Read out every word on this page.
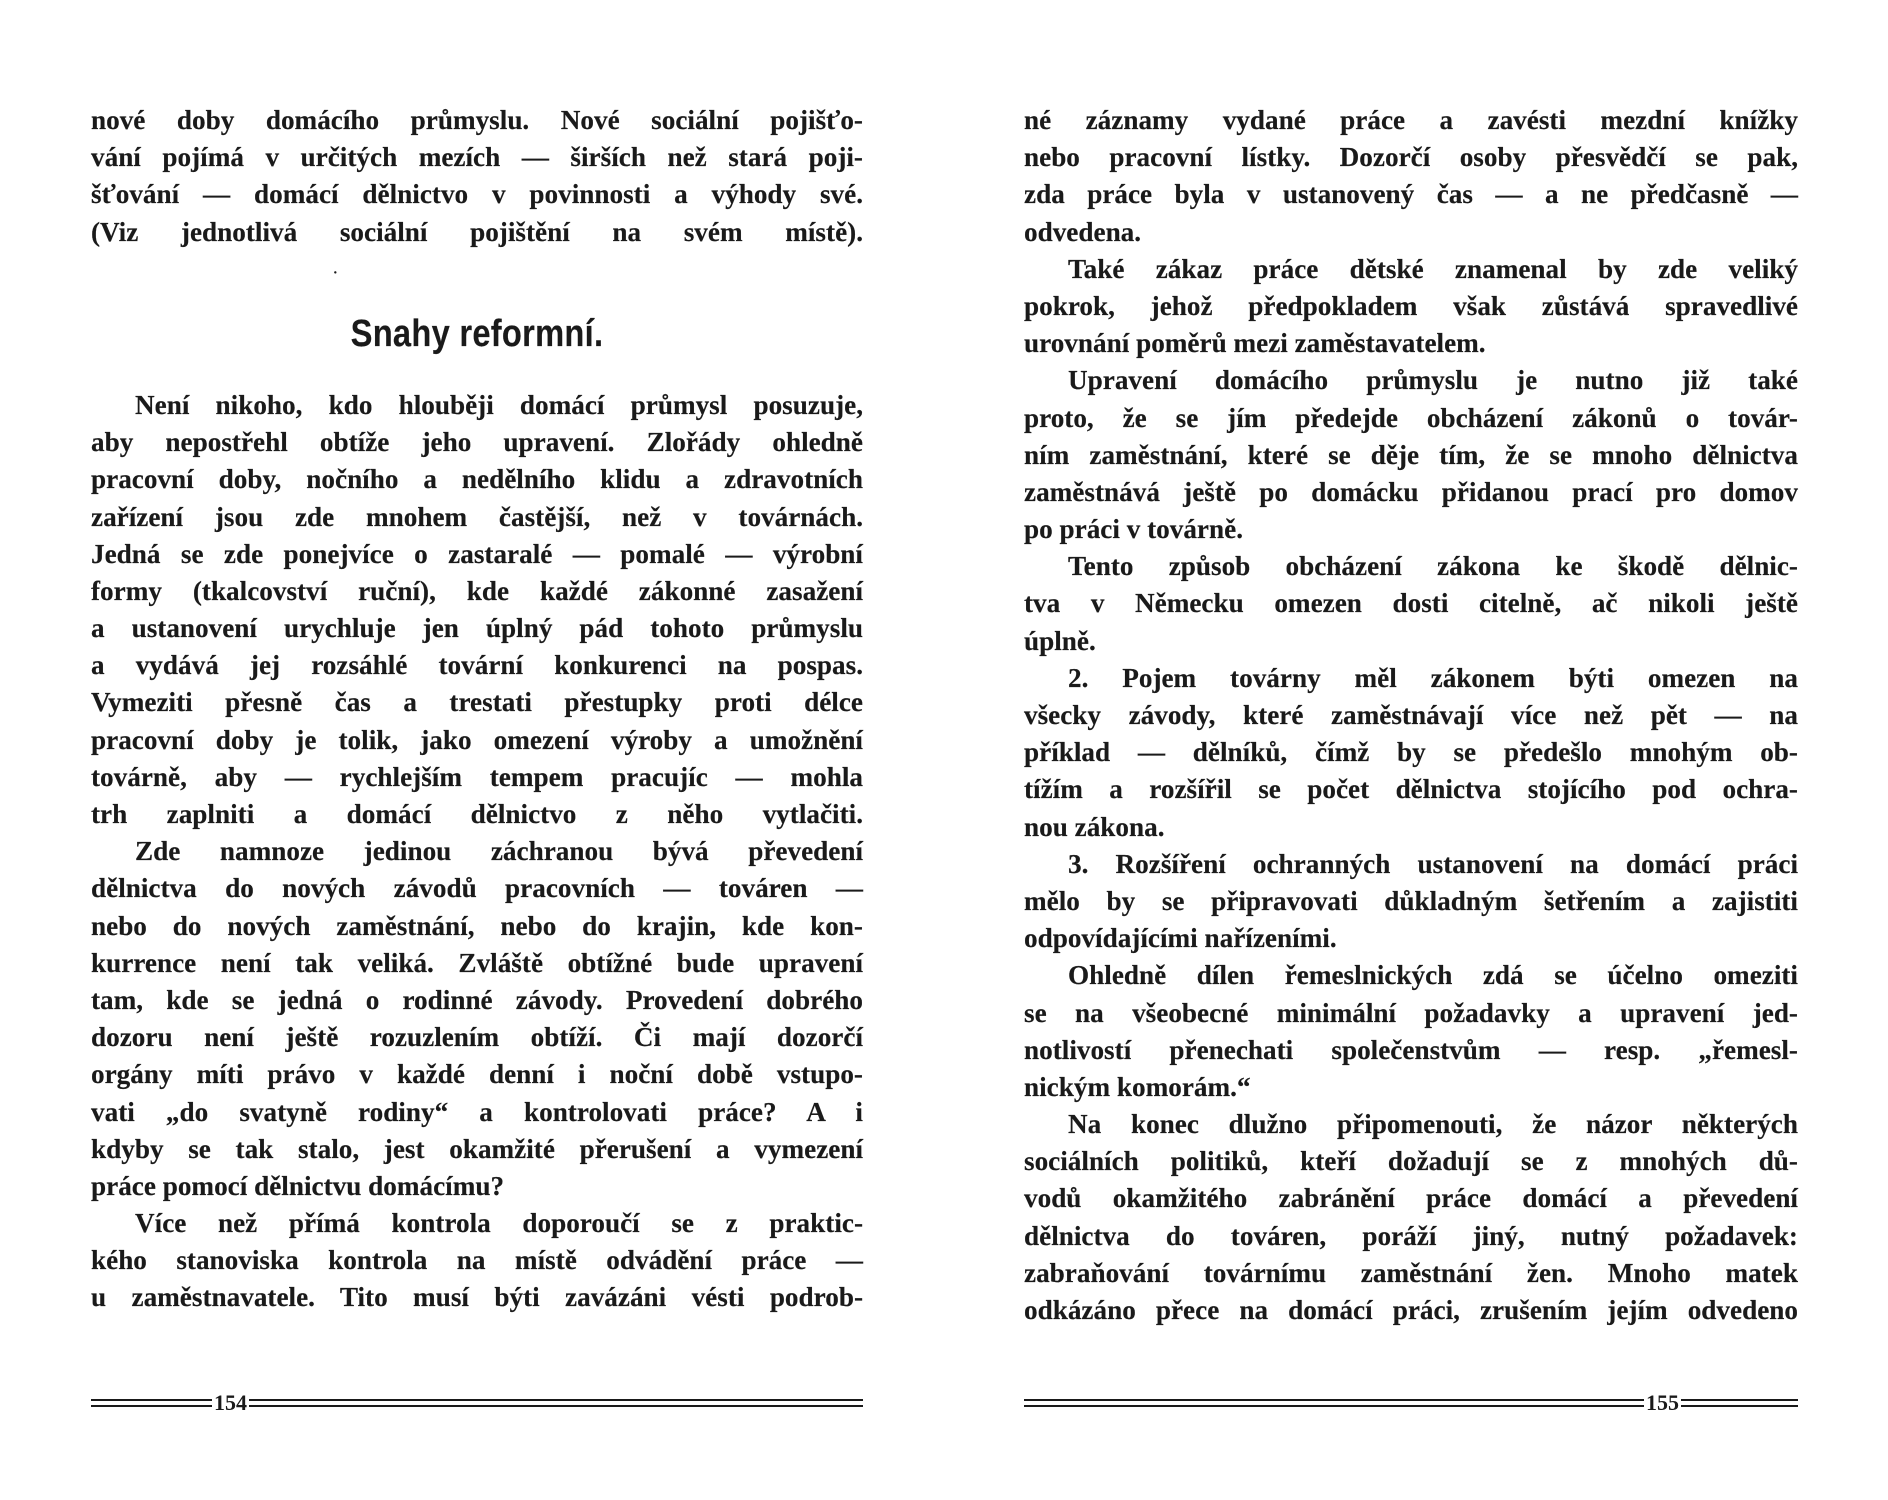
nové doby domácího průmyslu. Nové sociální pojišťo-
vání pojímá v určitých mezích — širších než stará poji-
šťování — domácí dělnictvo v povinnosti a výhody své.
(Viz jednotlivá sociální pojištění na svém místě).
·
Snahy reformní.
Není nikoho, kdo hlouběji domácí průmysl posuzuje,
aby nepostřehl obtíže jeho upravení. Zlořády ohledně
pracovní doby, nočního a nedělního klidu a zdravotních
zařízení jsou zde mnohem častější, než v továrnách.
Jedná se zde ponejvíce o zastaralé — pomalé — výrobní
formy (tkalcovství ruční), kde každé zákonné zasažení
a ustanovení urychluje jen úplný pád tohoto průmyslu
a vydává jej rozsáhlé tovární konkurenci na pospas.
Vymeziti přesně čas a trestati přestupky proti délce
pracovní doby je tolik, jako omezení výroby a umožnění
továrně, aby — rychlejším tempem pracujíc — mohla
trh zaplniti a domácí dělnictvo z něho vytlačiti.
Zde namnoze jedinou záchranou bývá převedení
dělnictva do nových závodů pracovních — továren —
nebo do nových zaměstnání, nebo do krajin, kde kon-
kurrence není tak veliká. Zvláště obtížné bude upravení
tam, kde se jedná o rodinné závody. Provedení dobrého
dozoru není ještě rozuzlením obtíží. Či mají dozorčí
orgány míti právo v každé denní i noční době vstupo-
vati „do svatyně rodiny“ a kontrolovati práce? A i
kdyby se tak stalo, jest okamžité přerušení a vymezení
práce pomocí dělnictvu domácímu?
Více než přímá kontrola doporoučí se z praktic-
kého stanoviska kontrola na místě odvádění práce —
u zaměstnavatele. Tito musí býti zavázáni vésti podrob-
154
né záznamy vydané práce a zavésti mezdní knížky
nebo pracovní lístky. Dozorčí osoby přesvědčí se pak,
zda práce byla v ustanovený čas — a ne předčasně —
odvedena.
Také zákaz práce dětské znamenal by zde veliký
pokrok, jehož předpokladem však zůstává spravedlivé
urovnání poměrů mezi zaměstavatelem.
Upravení domácího průmyslu je nutno již také
proto, že se jím předejde obcházení zákonů o továr-
ním zaměstnání, které se děje tím, že se mnoho dělnictva
zaměstnává ještě po domácku přidanou prací pro domov
po práci v továrně.
Tento způsob obcházení zákona ke škodě dělnic-
tva v Německu omezen dosti citelně, ač nikoli ještě
úplně.
2. Pojem továrny měl zákonem býti omezen na
všecky závody, které zaměstnávají více než pět — na
příklad — dělníků, čímž by se předešlo mnohým ob-
tížím a rozšířil se počet dělnictva stojícího pod ochra-
nou zákona.
3. Rozšíření ochranných ustanovení na domácí práci
mělo by se připravovati důkladným šetřením a zajistiti
odpovídajícími nařízeními.
Ohledně dílen řemeslnických zdá se účelno omeziti
se na všeobecné minimální požadavky a upravení jed-
notlivostí přenechati společenstvům — resp. „řemesl-
nickým komorám.“
Na konec dlužno připomenouti, že názor některých
sociálních politiků, kteří dožadují se z mnohých dů-
vodů okamžitého zabránění práce domácí a převedení
dělnictva do továren, poráží jiný, nutný požadavek:
zabraňování továrnímu zaměstnání žen. Mnoho matek
odkázáno přece na domácí práci, zrušením jejím odvedeno
155
